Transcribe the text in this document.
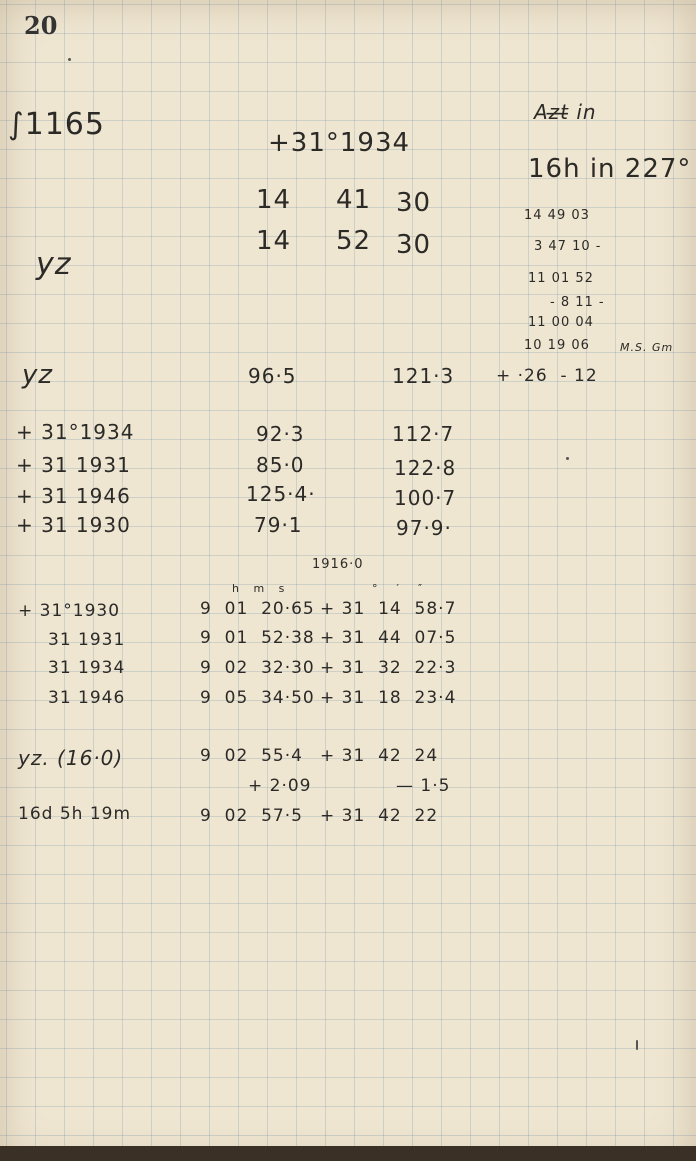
20
∫1165
+31°1934
14 41 30
14 52 30
yz
Az̶t̶ in
16h in 227°
14 49 03
3 47 10 -
11 01 52
- 8 11 -
11 00 04
10 19 06	M.S. Gm
+ ·26  - 12
yz	96·5	121·3
+ 31°1934	92·3	112·7
+ 31 1931	85·0	122·8
+ 31 1946	125·4·	100·7
+ 31 1930	79·1	97·9·
1916·0
h   m   s	°    ′    ″
+ 31°1930	9  01  20·65 + 31  14  58·7
31 1931	9  01  52·38 + 31  44  07·5
31 1934	9  02  32·30 + 31  32  22·3
31 1946	9  05  34·50 + 31  18  23·4
yz. (16·0)	9  02  55·4 + 31  42  24
+ 2·09	— 1·5
16d 5h 19m	9  02  57·5 + 31  42  22
